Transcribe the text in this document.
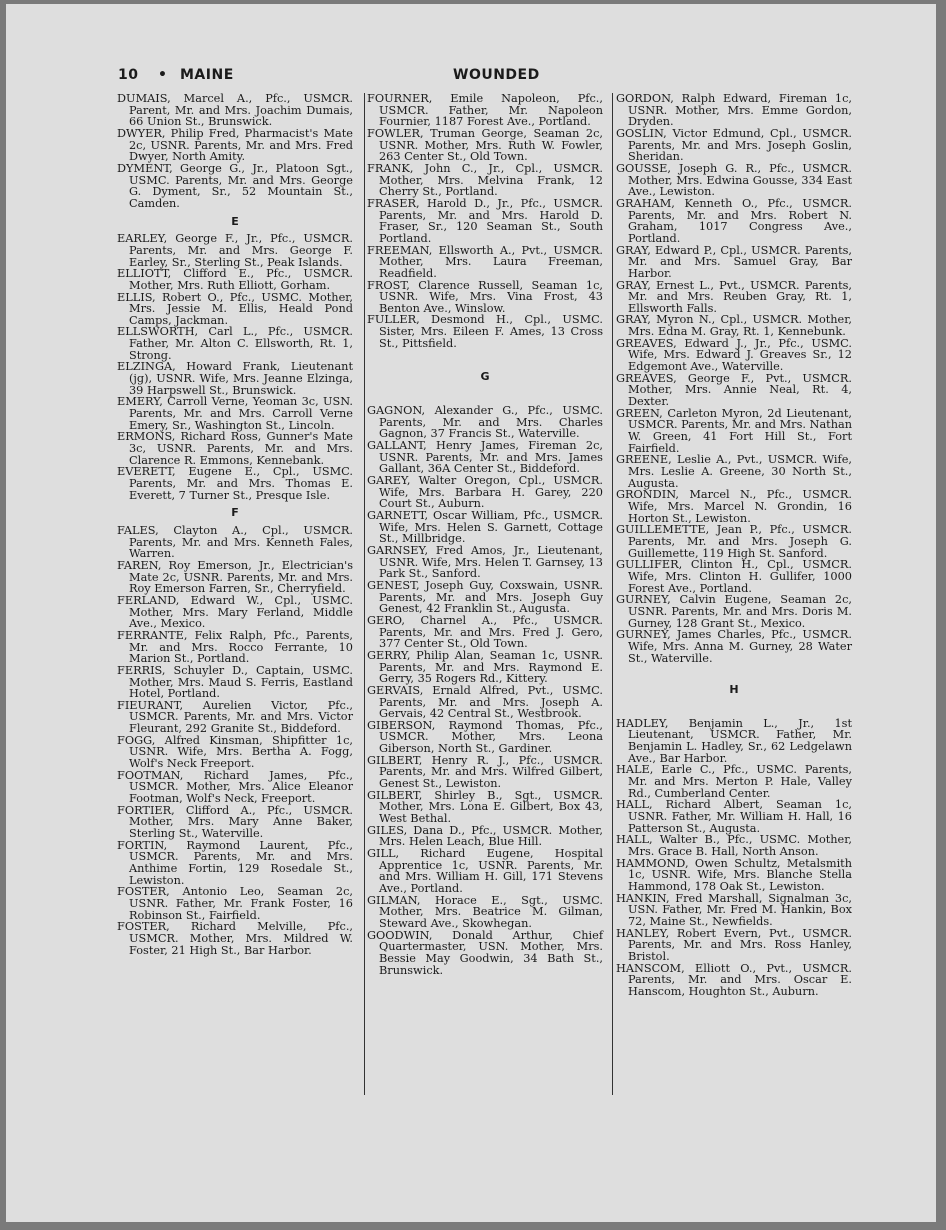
10 • MAINE	WOUNDED

DUMAIS, Marcel A., Pfc., USMCR. Parent, Mr. and Mrs. Joachim Dumais, 66 Union St., Brunswick.

DWYER, Philip Fred, Pharmacist's Mate 2c, USNR. Parents, Mr. and Mrs. Fred Dwyer, North Amity.

DYMENT, George G., Jr., Platoon Sgt., USMC. Parents, Mr. and Mrs. George G. Dyment, Sr., 52 Mountain St., Camden.

E

EARLEY, George F., Jr., Pfc., USMCR. Parents, Mr. and Mrs. George F. Earley, Sr., Sterling St., Peak Islands.

ELLIOTT, Clifford E., Pfc., USMCR. Mother, Mrs. Ruth Elliott, Gorham.

ELLIS, Robert O., Pfc., USMC. Mother, Mrs. Jessie M. Ellis, Heald Pond Camps, Jackman.

ELLSWORTH, Carl L., Pfc., USMCR. Father, Mr. Alton C. Ellsworth, Rt. 1, Strong.

ELZINGA, Howard Frank, Lieutenant (jg), USNR. Wife, Mrs. Jeanne Elzinga, 39 Harpswell St., Brunswick.

EMERY, Carroll Verne, Yeoman 3c, USN. Parents, Mr. and Mrs. Carroll Verne Emery, Sr., Washington St., Lincoln.

ERMONS, Richard Ross, Gunner's Mate 3c, USNR. Parents, Mr. and Mrs. Clarence R. Emmons, Kennebank.

EVERETT, Eugene E., Cpl., USMC. Parents, Mr. and Mrs. Thomas E. Everett, 7 Turner St., Presque Isle.

F

FALES, Clayton A., Cpl., USMCR. Parents, Mr. and Mrs. Kenneth Fales, Warren.

FAREN, Roy Emerson, Jr., Electrician's Mate 2c, USNR. Parents, Mr. and Mrs. Roy Emerson Farren, Sr., Cherryfield.

FERLAND, Edward W., Cpl., USMC. Mother, Mrs. Mary Ferland, Middle Ave., Mexico.

FERRANTE, Felix Ralph, Pfc., Parents, Mr. and Mrs. Rocco Ferrante, 10 Marion St., Portland.

FERRIS, Schuyler D., Captain, USMC. Mother, Mrs. Maud S. Ferris, Eastland Hotel, Portland.

FIEURANT, Aurelien Victor, Pfc., USMCR. Parents, Mr. and Mrs. Victor Fleurant, 292 Granite St., Biddeford.

FOGG, Alfred Kinsman, Shipfitter 1c, USNR. Wife, Mrs. Bertha A. Fogg, Wolf's Neck Freeport.

FOOTMAN, Richard James, Pfc., USMCR. Mother, Mrs. Alice Eleanor Footman, Wolf's Neck, Freeport.

FORTIER, Clifford A., Pfc., USMCR. Mother, Mrs. Mary Anne Baker, Sterling St., Waterville.

FORTIN, Raymond Laurent, Pfc., USMCR. Parents, Mr. and Mrs. Anthime Fortin, 129 Rosedale St., Lewiston.

FOSTER, Antonio Leo, Seaman 2c, USNR. Father, Mr. Frank Foster, 16 Robinson St., Fairfield.

FOSTER, Richard Melville, Pfc., USMCR. Mother, Mrs. Mildred W. Foster, 21 High St., Bar Harbor.

FOURNER, Emile Napoleon, Pfc., USMCR. Father, Mr. Napoleon Fournier, 1187 Forest Ave., Portland.

FOWLER, Truman George, Seaman 2c, USNR. Mother, Mrs. Ruth W. Fowler, 263 Center St., Old Town.

FRANK, John C., Jr., Cpl., USMCR. Mother, Mrs. Melvina Frank, 12 Cherry St., Portland.

FRASER, Harold D., Jr., Pfc., USMCR. Parents, Mr. and Mrs. Harold D. Fraser, Sr., 120 Seaman St., South Portland.

FREEMAN, Ellsworth A., Pvt., USMCR. Mother, Mrs. Laura Freeman, Readfield.

FROST, Clarence Russell, Seaman 1c, USNR. Wife, Mrs. Vina Frost, 43 Benton Ave., Winslow.

FULLER, Desmond H., Cpl., USMC. Sister, Mrs. Eileen F. Ames, 13 Cross St., Pittsfield.

G

GAGNON, Alexander G., Pfc., USMC. Parents, Mr. and Mrs. Charles Gagnon, 37 Francis St., Waterville.

GALLANT, Henry James, Fireman 2c, USNR. Parents, Mr. and Mrs. James Gallant, 36A Center St., Biddeford.

GAREY, Walter Oregon, Cpl., USMCR. Wife, Mrs. Barbara H. Garey, 220 Court St., Auburn.

GARNETT, Oscar William, Pfc., USMCR. Wife, Mrs. Helen S. Garnett, Cottage St., Millbridge.

GARNSEY, Fred Amos, Jr., Lieutenant, USNR. Wife, Mrs. Helen T. Garnsey, 13 Park St., Sanford.

GENEST, Joseph Guy, Coxswain, USNR. Parents, Mr. and Mrs. Joseph Guy Genest, 42 Franklin St., Augusta.

GERO, Charnel A., Pfc., USMCR. Parents, Mr. and Mrs. Fred J. Gero, 377 Center St., Old Town.

GERRY, Philip Alan, Seaman 1c, USNR. Parents, Mr. and Mrs. Raymond E. Gerry, 35 Rogers Rd., Kittery.

GERVAIS, Ernald Alfred, Pvt., USMC. Parents, Mr. and Mrs. Joseph A. Gervais, 42 Central St., Westbrook.

GIBERSON, Raymond Thomas, Pfc., USMCR. Mother, Mrs. Leona Giberson, North St., Gardiner.

GILBERT, Henry R. J., Pfc., USMCR. Parents, Mr. and Mrs. Wilfred Gilbert, Genest St., Lewiston.

GILBERT, Shirley B., Sgt., USMCR. Mother, Mrs. Lona E. Gilbert, Box 43, West Bethal.

GILES, Dana D., Pfc., USMCR. Mother, Mrs. Helen Leach, Blue Hill.

GILL, Richard Eugene, Hospital Apprentice 1c, USNR. Parents, Mr. and Mrs. William H. Gill, 171 Stevens Ave., Portland.

GILMAN, Horace E., Sgt., USMC. Mother, Mrs. Beatrice M. Gilman, Steward Ave., Skowhegan.

GOODWIN, Donald Arthur, Chief Quartermaster, USN. Mother, Mrs. Bessie May Goodwin, 34 Bath St., Brunswick.

GORDON, Ralph Edward, Fireman 1c, USNR. Mother, Mrs. Emme Gordon, Dryden.

GOSLIN, Victor Edmund, Cpl., USMCR. Parents, Mr. and Mrs. Joseph Goslin, Sheridan.

GOUSSE, Joseph G. R., Pfc., USMCR. Mother, Mrs. Edwina Gousse, 334 East Ave., Lewiston.

GRAHAM, Kenneth O., Pfc., USMCR. Parents, Mr. and Mrs. Robert N. Graham, 1017 Congress Ave., Portland.

GRAY, Edward P., Cpl., USMCR. Parents, Mr. and Mrs. Samuel Gray, Bar Harbor.

GRAY, Ernest L., Pvt., USMCR. Parents, Mr. and Mrs. Reuben Gray, Rt. 1, Ellsworth Falls.

GRAY, Myron N., Cpl., USMCR. Mother, Mrs. Edna M. Gray, Rt. 1, Kennebunk.

GREAVES, Edward J., Jr., Pfc., USMC. Wife, Mrs. Edward J. Greaves Sr., 12 Edgemont Ave., Waterville.

GREAVES, George F., Pvt., USMCR. Mother, Mrs. Annie Neal, Rt. 4, Dexter.

GREEN, Carleton Myron, 2d Lieutenant, USMCR. Parents, Mr. and Mrs. Nathan W. Green, 41 Fort Hill St., Fort Fairfield.

GREENE, Leslie A., Pvt., USMCR. Wife, Mrs. Leslie A. Greene, 30 North St., Augusta.

GRONDIN, Marcel N., Pfc., USMCR. Wife, Mrs. Marcel N. Grondin, 16 Horton St., Lewiston.

GUILLEMETTE, Jean P., Pfc., USMCR. Parents, Mr. and Mrs. Joseph G. Guillemette, 119 High St. Sanford.

GULLIFER, Clinton H., Cpl., USMCR. Wife, Mrs. Clinton H. Gullifer, 1000 Forest Ave., Portland.

GURNEY, Calvin Eugene, Seaman 2c, USNR. Parents, Mr. and Mrs. Doris M. Gurney, 128 Grant St., Mexico.

GURNEY, James Charles, Pfc., USMCR. Wife, Mrs. Anna M. Gurney, 28 Water St., Waterville.

H

HADLEY, Benjamin L., Jr., 1st Lieutenant, USMCR. Father, Mr. Benjamin L. Hadley, Sr., 62 Ledgelawn Ave., Bar Harbor.

HALE, Earle C., Pfc., USMC. Parents, Mr. and Mrs. Merton P. Hale, Valley Rd., Cumberland Center.

HALL, Richard Albert, Seaman 1c, USNR. Father, Mr. William H. Hall, 16 Patterson St., Augusta.

HALL, Walter B., Pfc., USMC. Mother, Mrs. Grace B. Hall, North Anson.

HAMMOND, Owen Schultz, Metalsmith 1c, USNR. Wife, Mrs. Blanche Stella Hammond, 178 Oak St., Lewiston.

HANKIN, Fred Marshall, Signalman 3c, USN. Father, Mr. Fred M. Hankin, Box 72, Maine St., Newfields.

HANLEY, Robert Evern, Pvt., USMCR. Parents, Mr. and Mrs. Ross Hanley, Bristol.

HANSCOM, Elliott O., Pvt., USMCR. Parents, Mr. and Mrs. Oscar E. Hanscom, Houghton St., Auburn.
